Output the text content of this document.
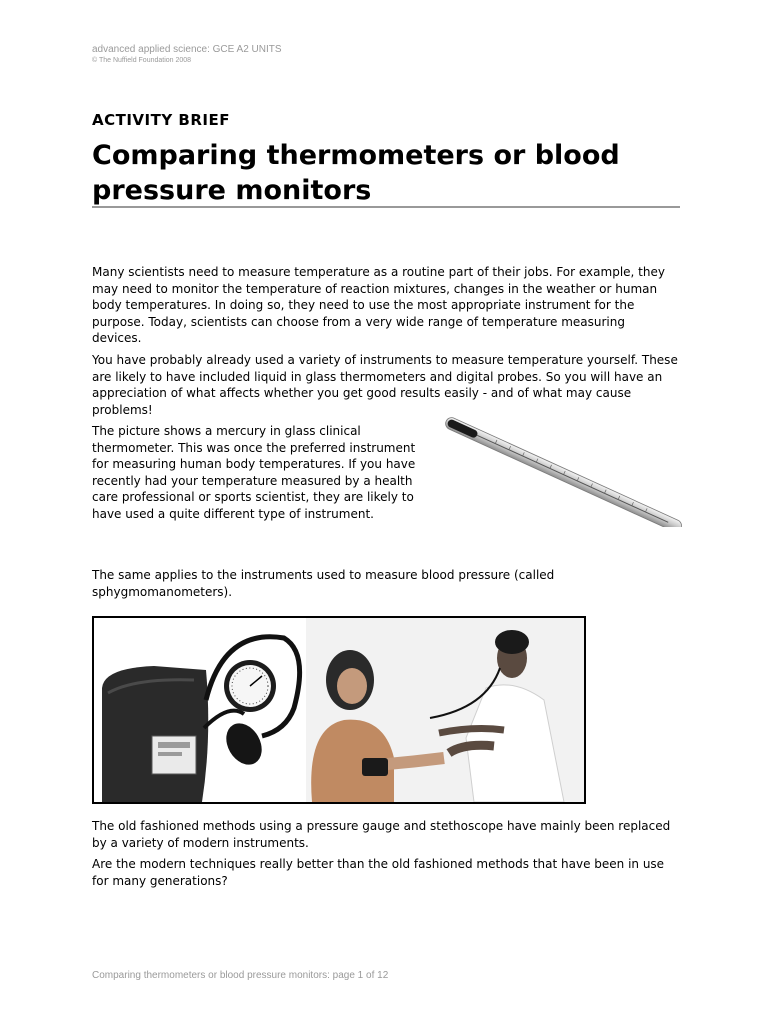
advanced applied science: GCE A2 UNITS
© The Nuffield Foundation 2008
ACTIVITY BRIEF
Comparing thermometers or blood pressure monitors

Many scientists need to measure temperature as a routine part of their jobs. For example, they may need to monitor the temperature of reaction mixtures, changes in the weather or human body temperatures. In doing so, they need to use the most appropriate instrument for the purpose. Today, scientists can choose from a very wide range of temperature measuring devices.

You have probably already used a variety of instruments to measure temperature yourself. These are likely to have included liquid in glass thermometers and digital probes. So you will have an appreciation of what affects whether you get good results easily - and of what may cause problems!

The picture shows a mercury in glass clinical thermometer. This was once the preferred instrument for measuring human body temperatures. If you have recently had your temperature measured by a health care professional or sports scientist, they are likely to have used a quite different type of instrument.

The same applies to the instruments used to measure blood pressure (called sphygmomanometers).

The old fashioned methods using a pressure gauge and stethoscope have mainly been replaced by a variety of modern instruments.

Are the modern techniques really better than the old fashioned methods that have been in use for many generations?

Comparing thermometers or blood pressure monitors: page 1 of 12
